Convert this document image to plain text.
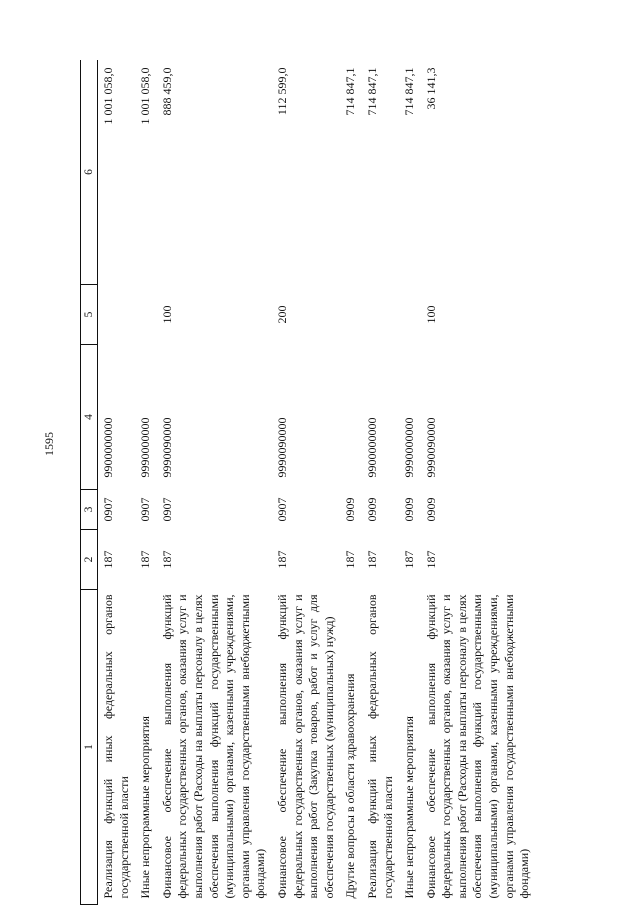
1595
1	2	3	4	5	6
Реализация функций иных федеральных органов государственной власти	187	0907	9900000000		1 001 058,0
Иные непрограммные мероприятия	187	0907	9990000000		1 001 058,0
Финансовое обеспечение выполнения функций федеральных государственных органов, оказания услуг и выполнения работ (Расходы на выплаты персоналу в целях обеспечения выполнения функций государственными (муниципальными) органами, казенными учреждениями, органами управления государственными внебюджетными фондами)	187	0907	9990090000	100	888 459,0
Финансовое обеспечение выполнения функций федеральных государственных органов, оказания услуг и выполнения работ (Закупка товаров, работ и услуг для обеспечения государственных (муниципальных) нужд)	187	0907	9990090000	200	112 599,0
Другие вопросы в области здравоохранения	187	0909			714 847,1
Реализация функций иных федеральных органов государственной власти	187	0909	9900000000		714 847,1
Иные непрограммные мероприятия	187	0909	9990000000		714 847,1
Финансовое обеспечение выполнения функций федеральных государственных органов, оказания услуг и выполнения работ (Расходы на выплаты персоналу в целях обеспечения выполнения функций государственными (муниципальными) органами, казенными учреждениями, органами управления государственными внебюджетными фондами)	187	0909	9990090000	100	36 141,3
